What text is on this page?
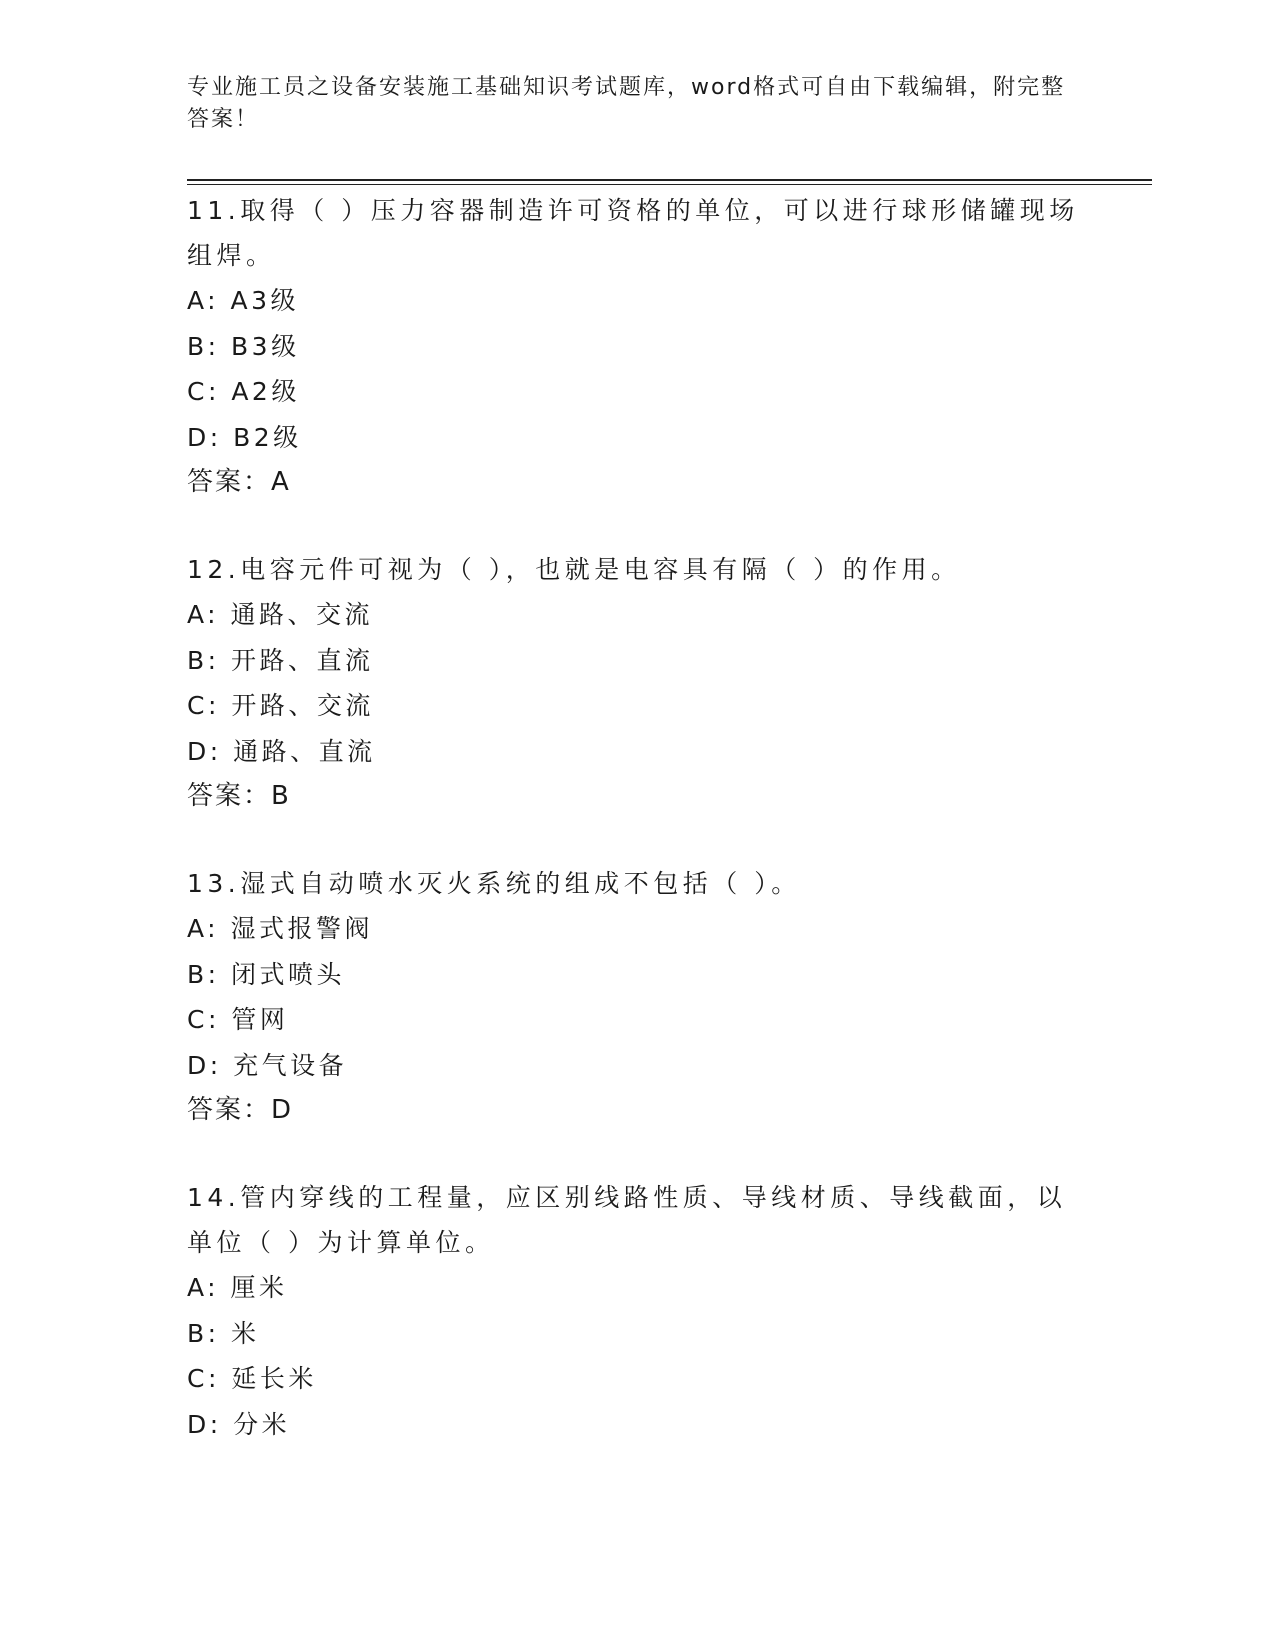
专业施工员之设备安装施工基础知识考试题库，word格式可自由下载编辑，附完整答案！

11.取得（ ）压力容器制造许可资格的单位，可以进行球形储罐现场组焊。

A: A3级
B: B3级
C: A2级
D: B2级
答案：A

12.电容元件可视为（ ），也就是电容具有隔（ ）的作用。

A: 通路、交流
B: 开路、直流
C: 开路、交流
D: 通路、直流
答案：B

13.湿式自动喷水灭火系统的组成不包括（ ）。

A: 湿式报警阀
B: 闭式喷头
C: 管网
D: 充气设备
答案：D

14.管内穿线的工程量，应区别线路性质、导线材质、导线截面，以单位（ ）为计算单位。

A: 厘米
B: 米
C: 延长米
D: 分米
